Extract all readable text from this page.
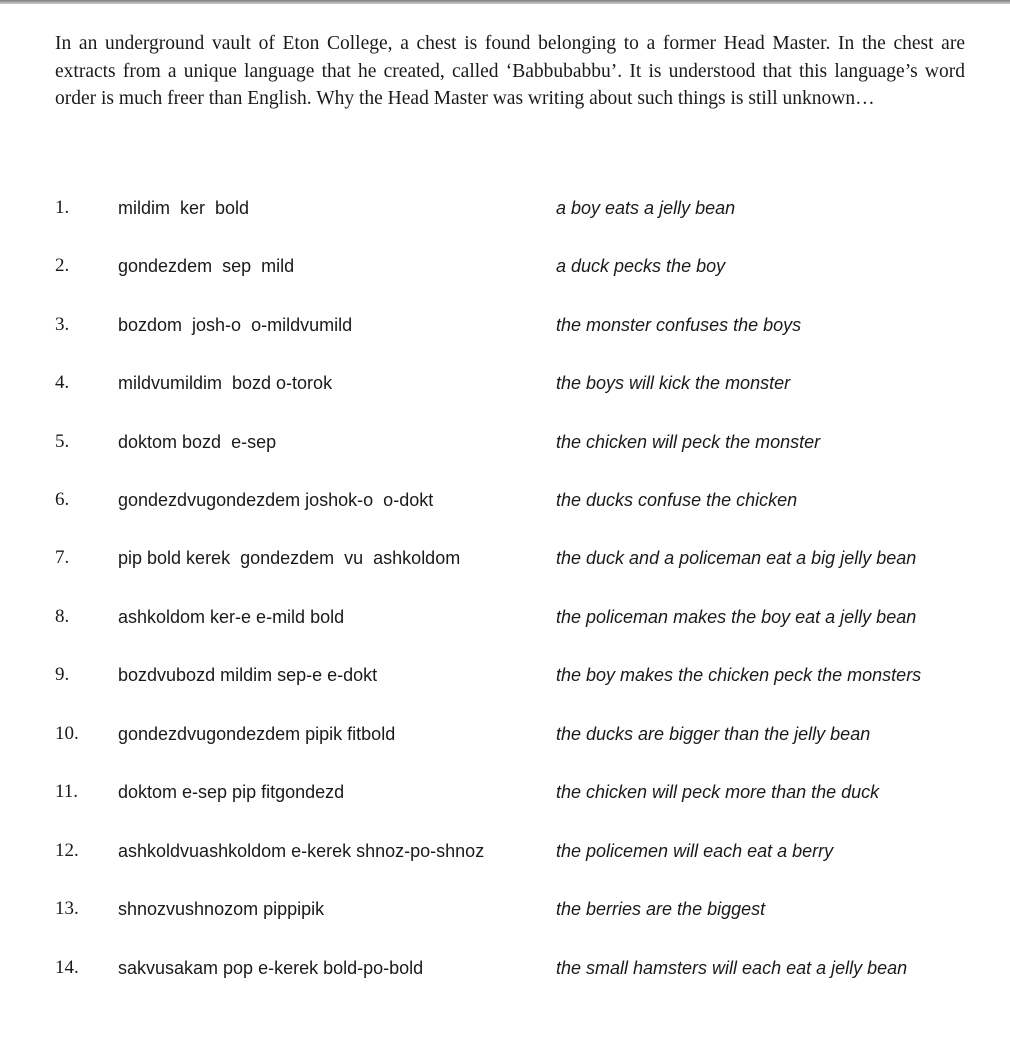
In an underground vault of Eton College, a chest is found belonging to a former Head Master. In the chest are extracts from a unique language that he created, called ‘Babbubabbu’. It is understood that this language’s word order is much freer than English. Why the Head Master was writing about such things is still unknown…

1.	mildim  ker  bold	a boy eats a jelly bean
2.	gondezdem  sep  mild	a duck pecks the boy
3.	bozdom  josh-o  o-mildvumild	the monster confuses the boys
4.	mildvumildim  bozd o-torok	the boys will kick the monster
5.	doktom bozd  e-sep	the chicken will peck the monster
6.	gondezdvugondezdem joshok-o  o-dokt	the ducks confuse the chicken
7.	pip bold kerek  gondezdem  vu  ashkoldom	the duck and a policeman eat a big jelly bean
8.	ashkoldom ker-e e-mild bold	the policeman makes the boy eat a jelly bean
9.	bozdvubozd mildim sep-e e-dokt	the boy makes the chicken peck the monsters
10. gondezdvugondezdem pipik fitbold	the ducks are bigger than the jelly bean
11. doktom e-sep pip fitgondezd	the chicken will peck more than the duck
12. ashkoldvuashkoldom e-kerek shnoz-po-shnoz	the policemen will each eat a berry
13. shnozvushnozom pippipik	the berries are the biggest
14. sakvusakam pop e-kerek bold-po-bold	the small hamsters will each eat a jelly bean
